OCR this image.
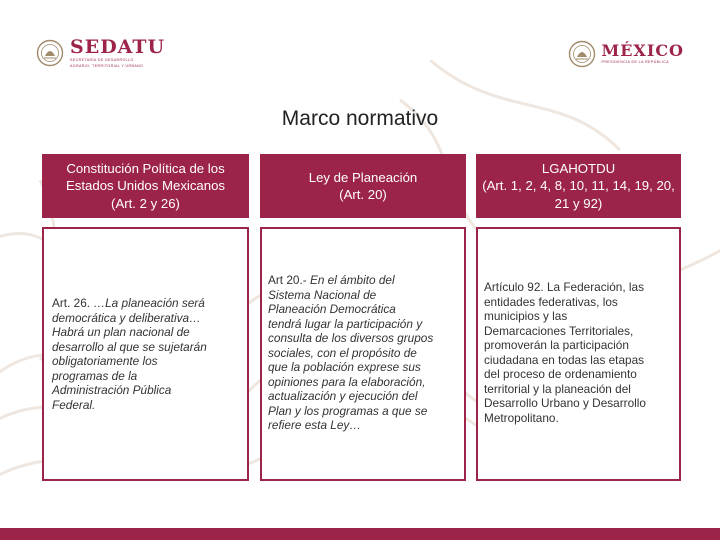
SEDATU
SECRETARÍA DE DESARROLLO
AGRARIO, TERRITORIAL Y URBANO
MÉXICO
PRESIDENCIA DE LA REPÚBLICA
Marco normativo
Constitución Política de los
Estados Unidos Mexicanos
(Art. 2 y 26)
Ley de Planeación
(Art. 20)
LGAHOTDU
(Art. 1, 2, 4, 8, 10, 11, 14, 19, 20,
21 y 92)
Art. 26. …La planeación será
democrática y deliberativa…
Habrá un plan nacional de
desarrollo al que se sujetarán
obligatoriamente los
programas de la
Administración Pública
Federal.
Art 20.- En el ámbito del
Sistema Nacional de
Planeación Democrática
tendrá lugar la participación y
consulta de los diversos grupos
sociales, con el propósito de
que la población exprese sus
opiniones para la elaboración,
actualización y ejecución del
Plan y los programas a que se
refiere esta Ley…
Artículo 92. La Federación, las
entidades federativas, los
municipios y las
Demarcaciones Territoriales,
promoverán la participación
ciudadana en todas las etapas
del proceso de ordenamiento
territorial y la planeación del
Desarrollo Urbano y Desarrollo
Metropolitano.
